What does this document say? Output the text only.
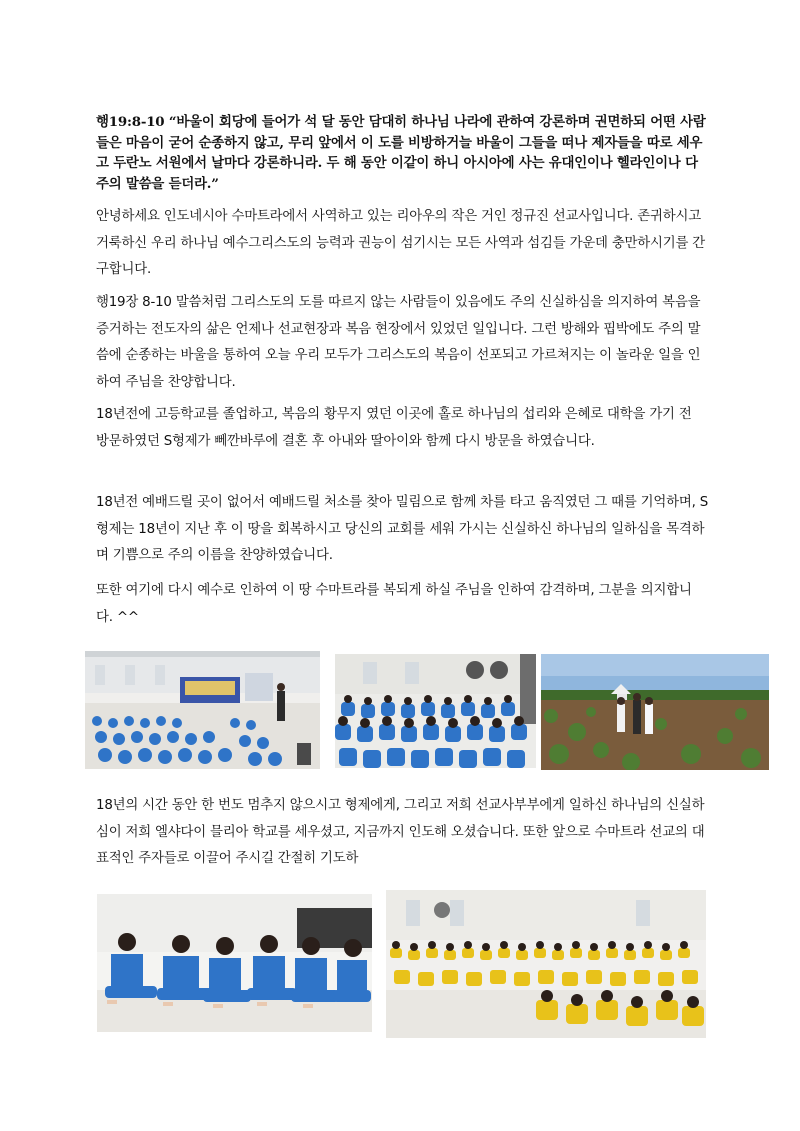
행19:8-10 “바울이 회당에 들어가 석 달 동안 담대히 하나님 나라에 관하여 강론하며 권면하되 어떤 사람들은 마음이 굳어 순종하지 않고, 무리 앞에서 이 도를 비방하거늘 바울이 그들을 떠나 제자들을 따로 세우고 두란노 서원에서 날마다 강론하니라. 두 해 동안 이같이 하니 아시아에 사는 유대인이나 헬라인이나 다 주의 말씀을 듣더라.”
안녕하세요 인도네시아 수마트라에서 사역하고 있는 리아우의 작은 거인 정규진 선교사입니다. 존귀하시고 거룩하신 우리 하나님 예수그리스도의 능력과 권능이 섬기시는 모든 사역과 섬김들 가운데 충만하시기를 간구합니다.
행19장 8-10 말씀처럼 그리스도의 도를 따르지 않는 사람들이 있음에도 주의 신실하심을 의지하여 복음을 증거하는 전도자의 삶은 언제나 선교현장과 복음 현장에서 있었던 일입니다. 그런 방해와 핍박에도 주의 말씀에 순종하는 바울을 통하여 오늘 우리 모두가 그리스도의 복음이 선포되고 가르쳐지는 이 놀라운 일을 인하여 주님을 찬양합니다.
18년전에 고등학교를 졸업하고, 복음의 황무지 였던 이곳에 홀로 하나님의 섭리와 은혜로 대학을 가기 전 방문하였던 S형제가 뻬깐바루에 결혼 후 아내와 딸아이와 함께 다시 방문을 하였습니다.
18년전 예배드릴 곳이 없어서 예배드릴 처소를 찾아 밀림으로 함께 차를 타고 움직였던 그 때를 기억하며, S 형제는 18년이 지난 후 이 땅을 회복하시고 당신의 교회를 세워 가시는 신실하신 하나님의 일하심을 목격하며 기쁨으로 주의 이름을 찬양하였습니다.
또한 여기에 다시 예수로 인하여 이 땅 수마트라를 복되게 하실 주님을 인하여 감격하며, 그분을 의지합니다. ^^
18년의 시간 동안 한 번도 멈추지 않으시고 형제에게, 그리고 저희 선교사부부에게 일하신 하나님의 신실하심이 저희 엘샤다이 믈리아 학교를 세우셨고, 지금까지 인도해 오셨습니다. 또한 앞으로 수마트라 선교의 대표적인 주자들로 이끌어 주시길 간절히 기도하
